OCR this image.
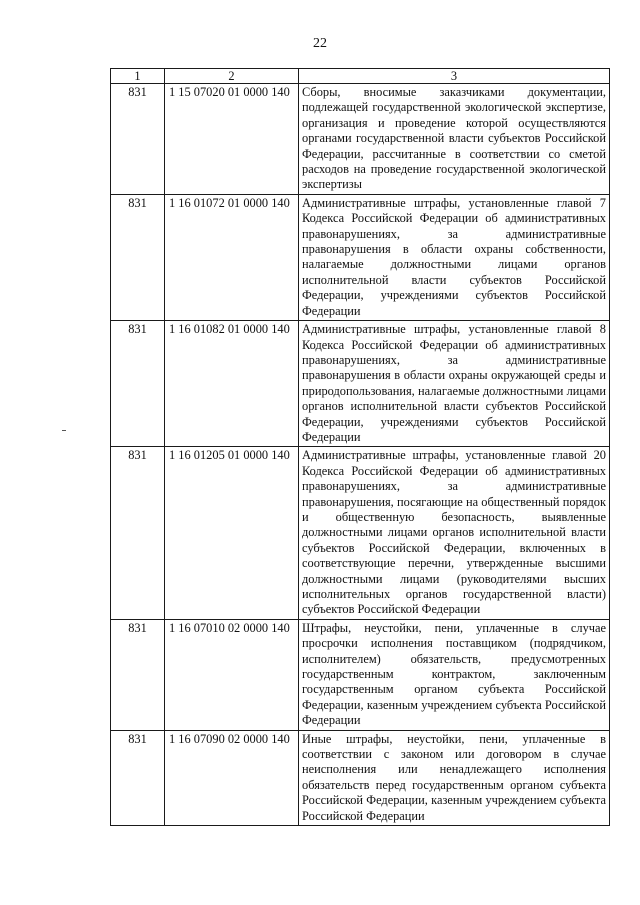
22
1	2	3
831	1 15 07020 01 0000 140	Сборы, вносимые заказчиками документации, подлежащей государственной экологической экспертизе, организация и проведение которой осуществляются органами государственной власти субъектов Российской Федерации, рассчитанные в соответствии со сметой расходов на проведение государственной экологической экспертизы
831	1 16 01072 01 0000 140	Административные штрафы, установленные главой 7 Кодекса Российской Федерации об административных правонарушениях, за административные правонарушения в области охраны собственности, налагаемые должностными лицами органов исполнительной власти субъектов Российской Федерации, учреждениями субъектов Российской Федерации
831	1 16 01082 01 0000 140	Административные штрафы, установленные главой 8 Кодекса Российской Федерации об административных правонарушениях, за административные правонарушения в области охраны окружающей среды и природопользования, налагаемые должностными лицами органов исполнительной власти субъектов Российской Федерации, учреждениями субъектов Российской Федерации
831	1 16 01205 01 0000 140	Административные штрафы, установленные главой 20 Кодекса Российской Федерации об административных правонарушениях, за административные правонарушения, посягающие на общественный порядок и общественную безопасность, выявленные должностными лицами органов исполнительной власти субъектов Российской Федерации, включенных в соответствующие перечни, утвержденные высшими должностными лицами (руководителями высших исполнительных органов государственной власти) субъектов Российской Федерации
831	1 16 07010 02 0000 140	Штрафы, неустойки, пени, уплаченные в случае просрочки исполнения поставщиком (подрядчиком, исполнителем) обязательств, предусмотренных государственным контрактом, заключенным государственным органом субъекта Российской Федерации, казенным учреждением субъекта Российской Федерации
831	1 16 07090 02 0000 140	Иные штрафы, неустойки, пени, уплаченные в соответствии с законом или договором в случае неисполнения или ненадлежащего исполнения обязательств перед государственным органом субъекта Российской Федерации, казенным учреждением субъекта Российской Федерации
